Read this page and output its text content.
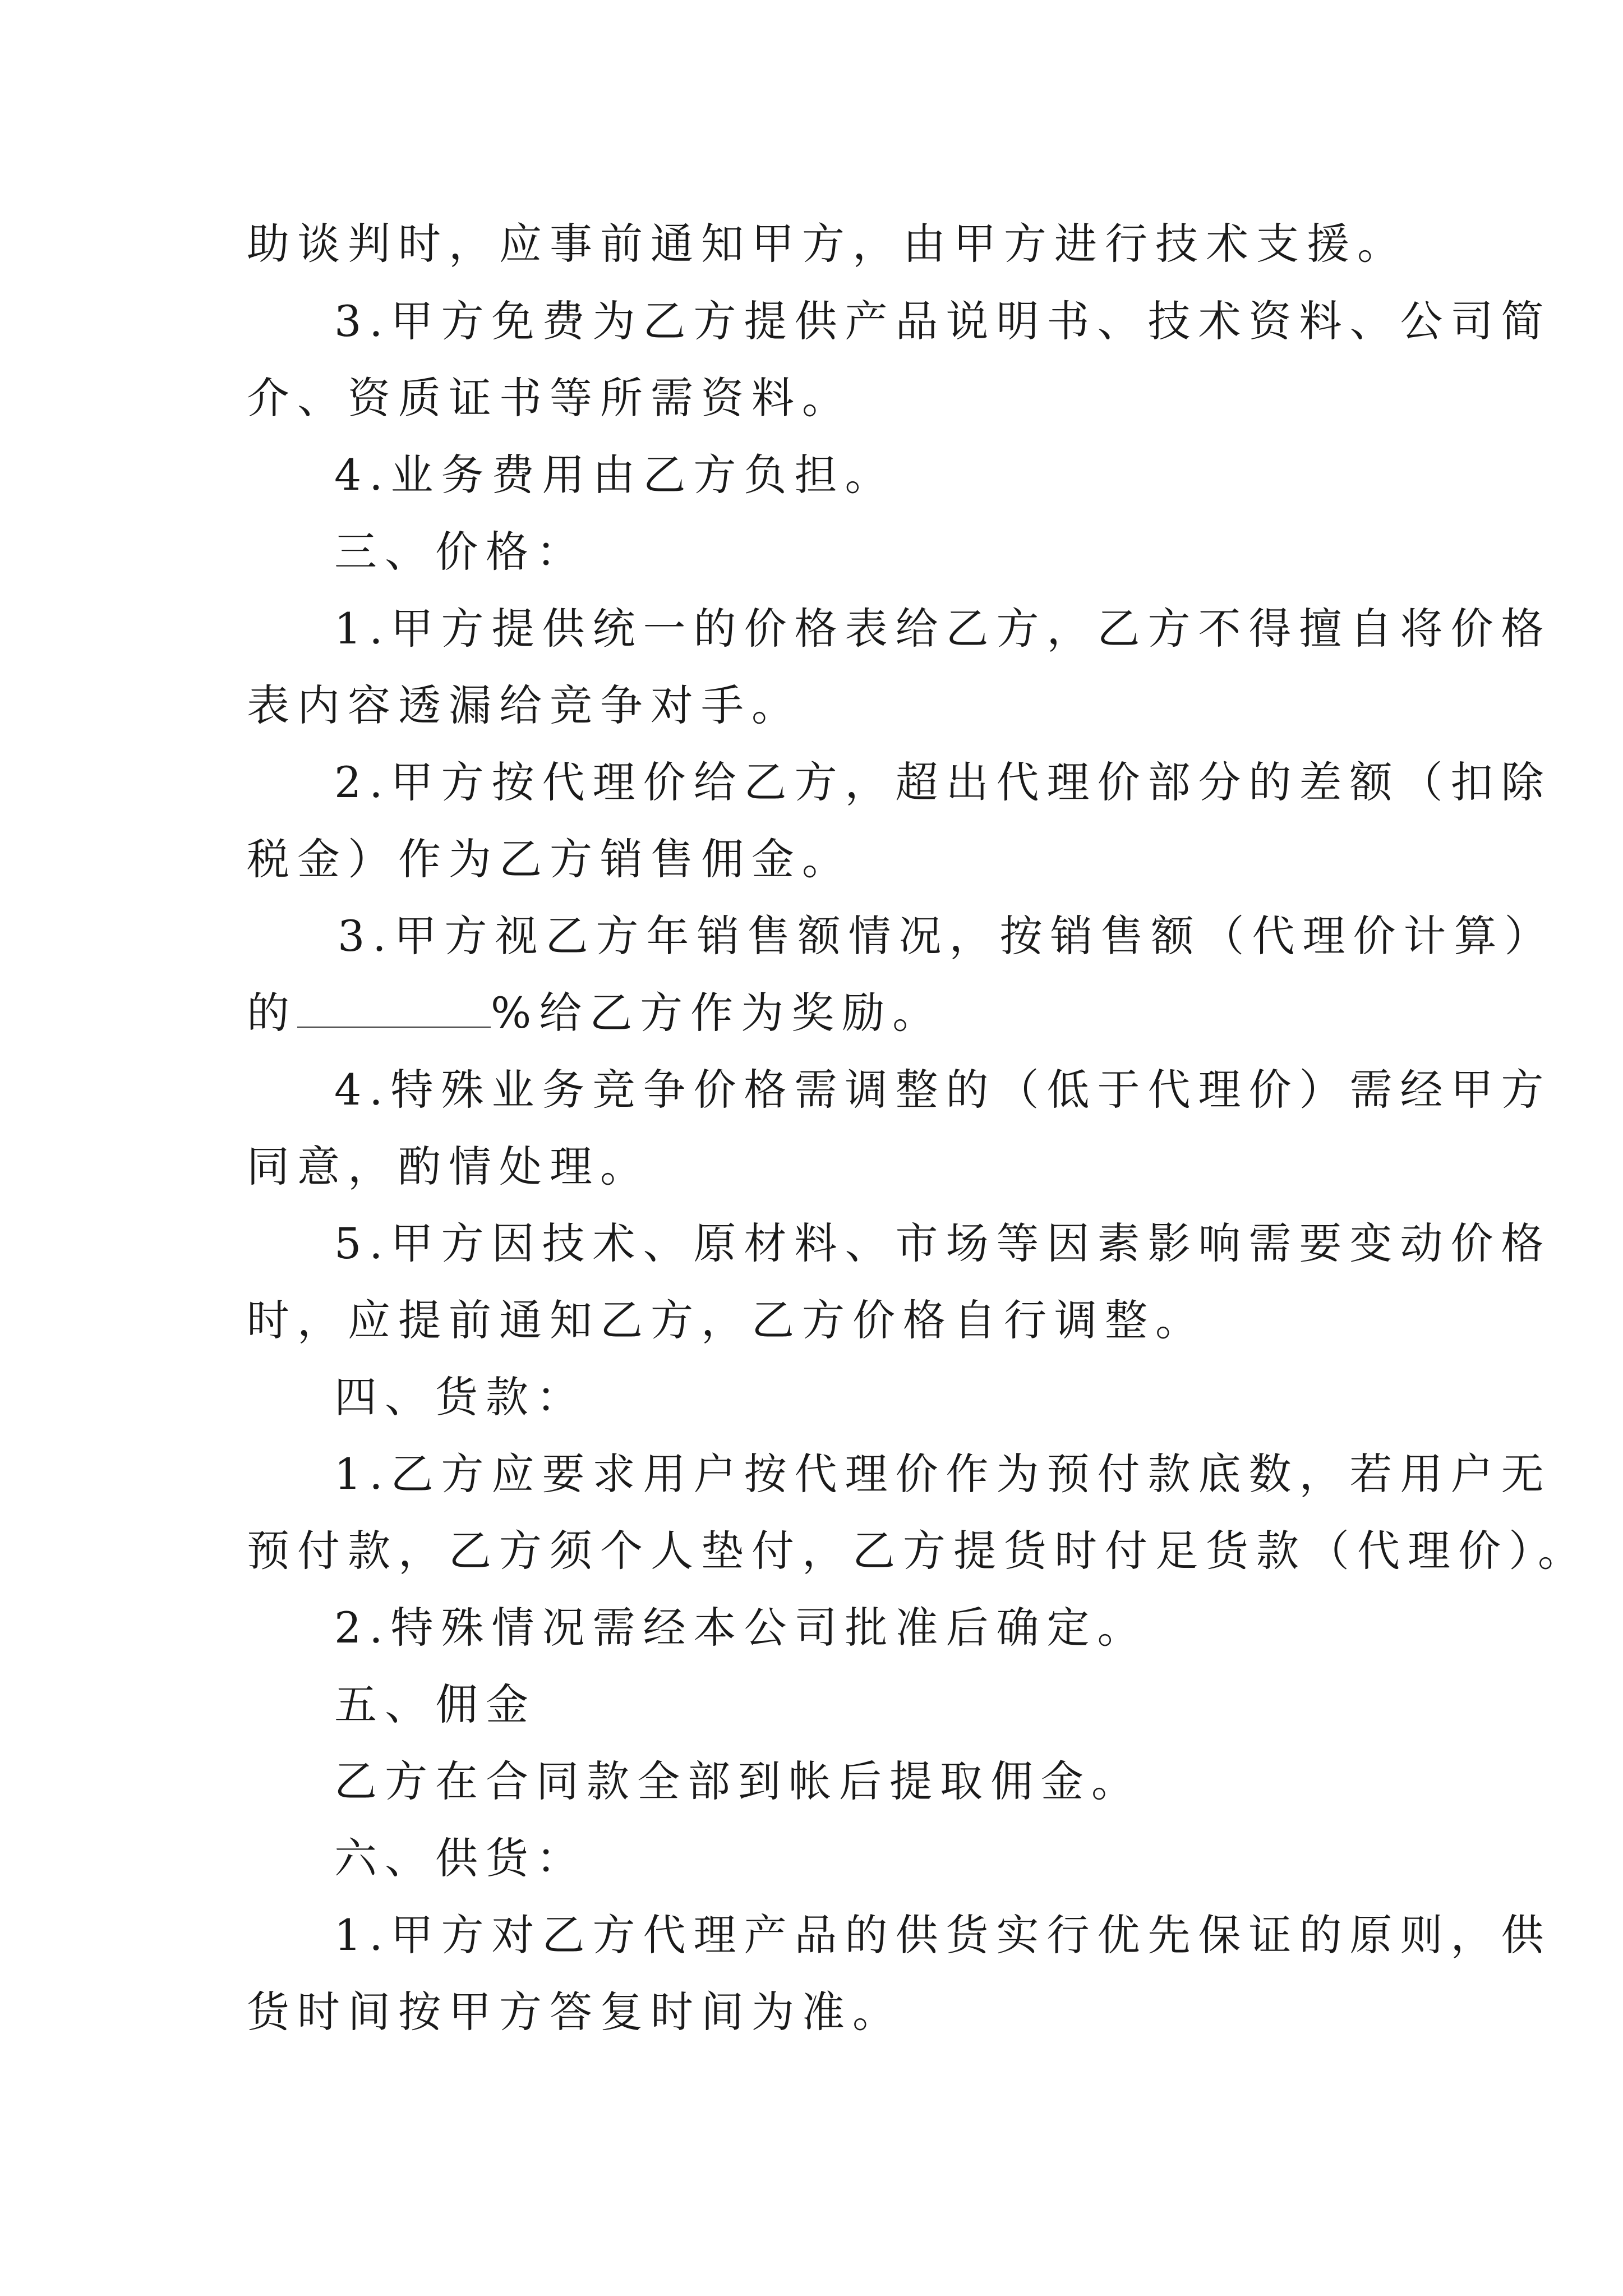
助谈判时，应事前通知甲方，由甲方进行技术支援。
3.甲方免费为乙方提供产品说明书、技术资料、公司简
介、资质证书等所需资料。
4.业务费用由乙方负担。
三、价格：
1.甲方提供统一的价格表给乙方，乙方不得擅自将价格
表内容透漏给竞争对手。
2.甲方按代理价给乙方，超出代理价部分的差额（扣除
税金）作为乙方销售佣金。
3.甲方视乙方年销售额情况，按销售额（代理价计算）
的	%给乙方作为奖励。
4.特殊业务竞争价格需调整的（低于代理价）需经甲方
同意，酌情处理。
5.甲方因技术、原材料、市场等因素影响需要变动价格
时，应提前通知乙方，乙方价格自行调整。
四、货款：
1.乙方应要求用户按代理价作为预付款底数，若用户无
预付款，乙方须个人垫付，乙方提货时付足货款（代理价）。
2.特殊情况需经本公司批准后确定。
五、佣金
乙方在合同款全部到帐后提取佣金。
六、供货：
1.甲方对乙方代理产品的供货实行优先保证的原则，供
货时间按甲方答复时间为准。
